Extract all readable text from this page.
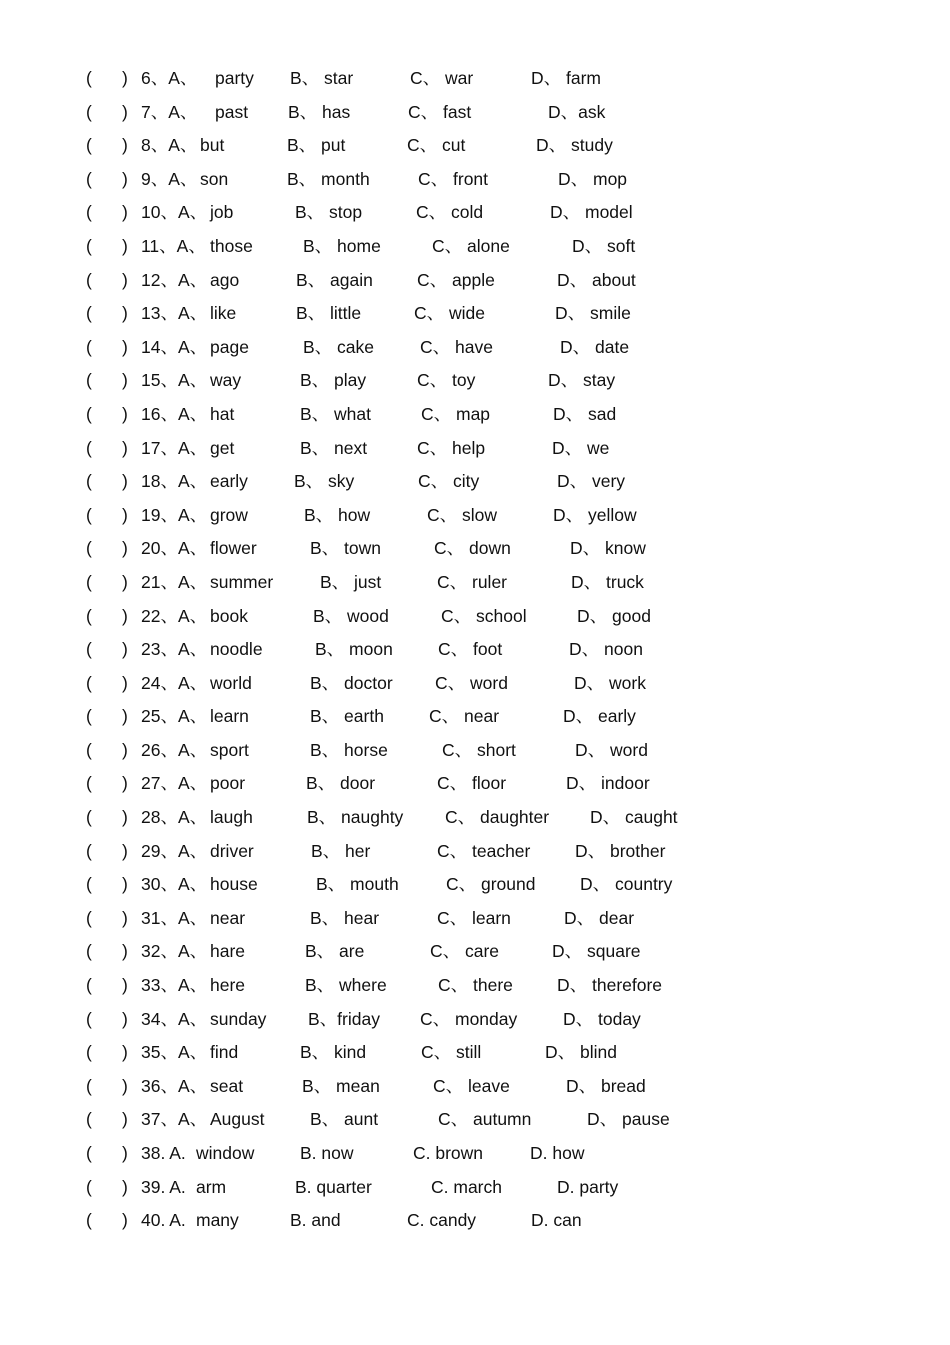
( ) 6、A、 party B、 star	C、 war	D、 farm
( ) 7、A、 past B、 has	C、 fast	D、ask
( ) 8、A、 but	B、 put	C、 cut	D、 study
( ) 9、A、 son	B、 month	C、 front	D、 mop
( ) 10、A、 job	B、 stop	C、 cold	D、 model
( ) 11、A、 those	B、 home	C、 alone	D、 soft
( ) 12、A、 ago	B、 again	C、 apple	D、 about
( ) 13、A、 like	B、 little	C、 wide	D、 smile
( ) 14、A、 page	B、 cake	C、 have	D、 date
( ) 15、A、 way	B、 play	C、 toy	D、 stay
( ) 16、A、 hat	B、 what	C、 map	D、 sad
( ) 17、A、 get	B、 next	C、 help	D、 we
( ) 18、A、 early	B、 sky	C、 city	D、 very
( ) 19、A、 grow	B、 how	C、 slow	D、 yellow
( ) 20、A、 flower	B、 town	C、 down	D、 know
( ) 21、A、 summer	B、 just	C、 ruler	D、 truck
( ) 22、A、 book	B、 wood	C、 school	D、 good
( ) 23、A、 noodle	B、 moon	C、 foot	D、 noon
( ) 24、A、 world	B、 doctor C、 word	D、 work
( ) 25、A、 learn	B、 earth	C、 near	D、 early
( ) 26、A、 sport	B、 horse	C、 short	D、 word
( ) 27、A、 poor	B、 door	C、 floor	D、 indoor
( ) 28、A、 laugh	B、 naughty C、 daughter D、 caught
( ) 29、A、 driver	B、 her	C、 teacher	D、 brother
( ) 30、A、 house	B、 mouth	C、 ground	D、 country
( ) 31、A、 near	B、 hear	C、 learn	D、 dear
( ) 32、A、 hare	B、 are	C、 care	D、 square
( ) 33、A、 here	B、 where	C、 there	D、 therefore
( ) 34、A、 sunday B、friday C、 monday	D、 today
( ) 35、A、 find	B、 kind	C、 still	D、 blind
( ) 36、A、 seat	B、 mean	C、 leave	D、 bread
( ) 37、A、 August	B、 aunt	C、 autumn	D、 pause
( ) 38. A. window	B. now	C. brown	D. how
( ) 39. A. arm	B. quarter	C. march	D. party
( ) 40. A. many	B. and	C. candy	D. can
